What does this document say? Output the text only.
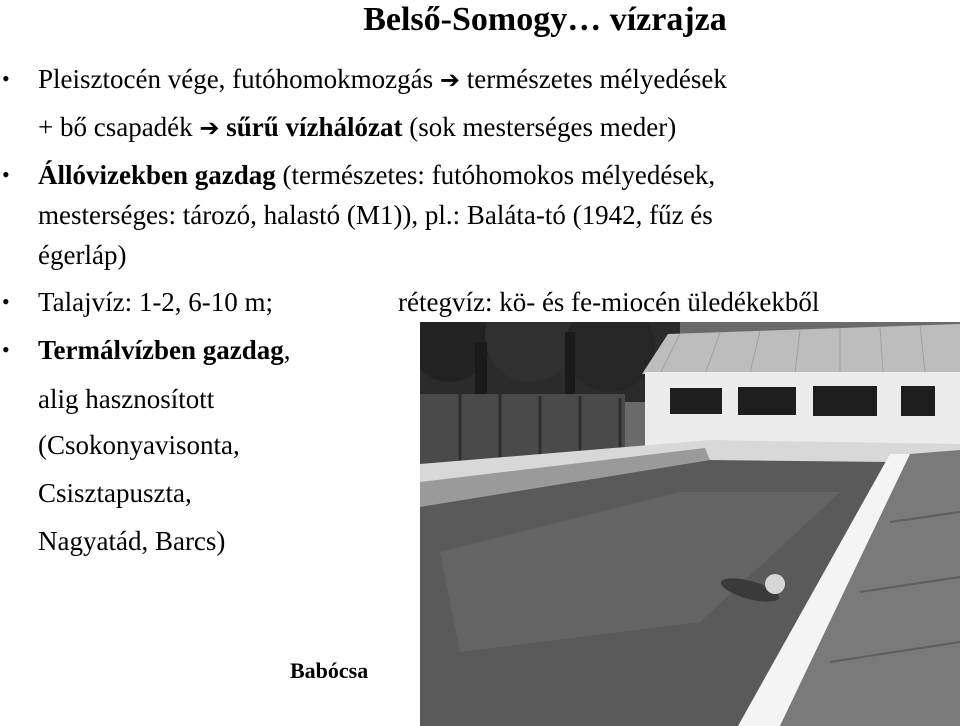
Belső-Somogy… vízrajza
• Pleisztocén vége, futóhomokmozgás ➔ természetes mélyedések
+ bő csapadék ➔ sűrű vízhálózat (sok mesterséges meder)
• Állóvizekben gazdag (természetes: futóhomokos mélyedések,
mesterséges: tározó, halastó (M1)), pl.: Baláta-tó (1942, fűz és
égerláp)
• Talajvíz: 1-2, 6-10 m;	rétegvíz: kö- és fe-miocén üledékekből
• Termálvízben gazdag,
alig hasznosított
(Csokonyavisonta,
Csisztapuszta,
Nagyatád, Barcs)
Babócsa
